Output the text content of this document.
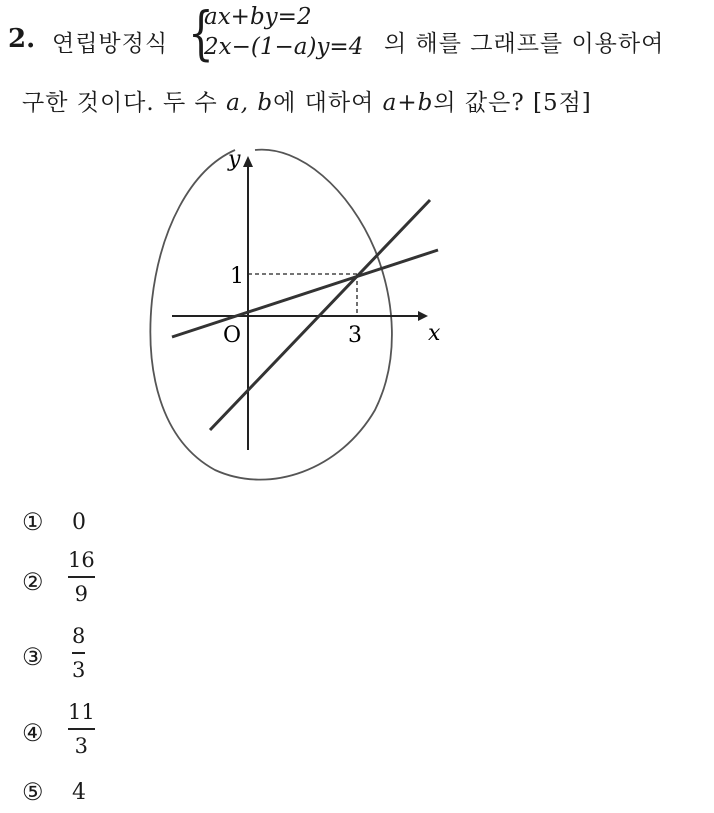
2. 연립방정식 {
ax+by=2
2x−(1−a)y=4 의 해를 그래프를 이용하여
구한 것이다. 두 수 a, b에 대하여 a+b의 값은? [5점]
y
x
O
1
3
① 0
②
16
9
③
8
3
④
11
3
⑤ 4
